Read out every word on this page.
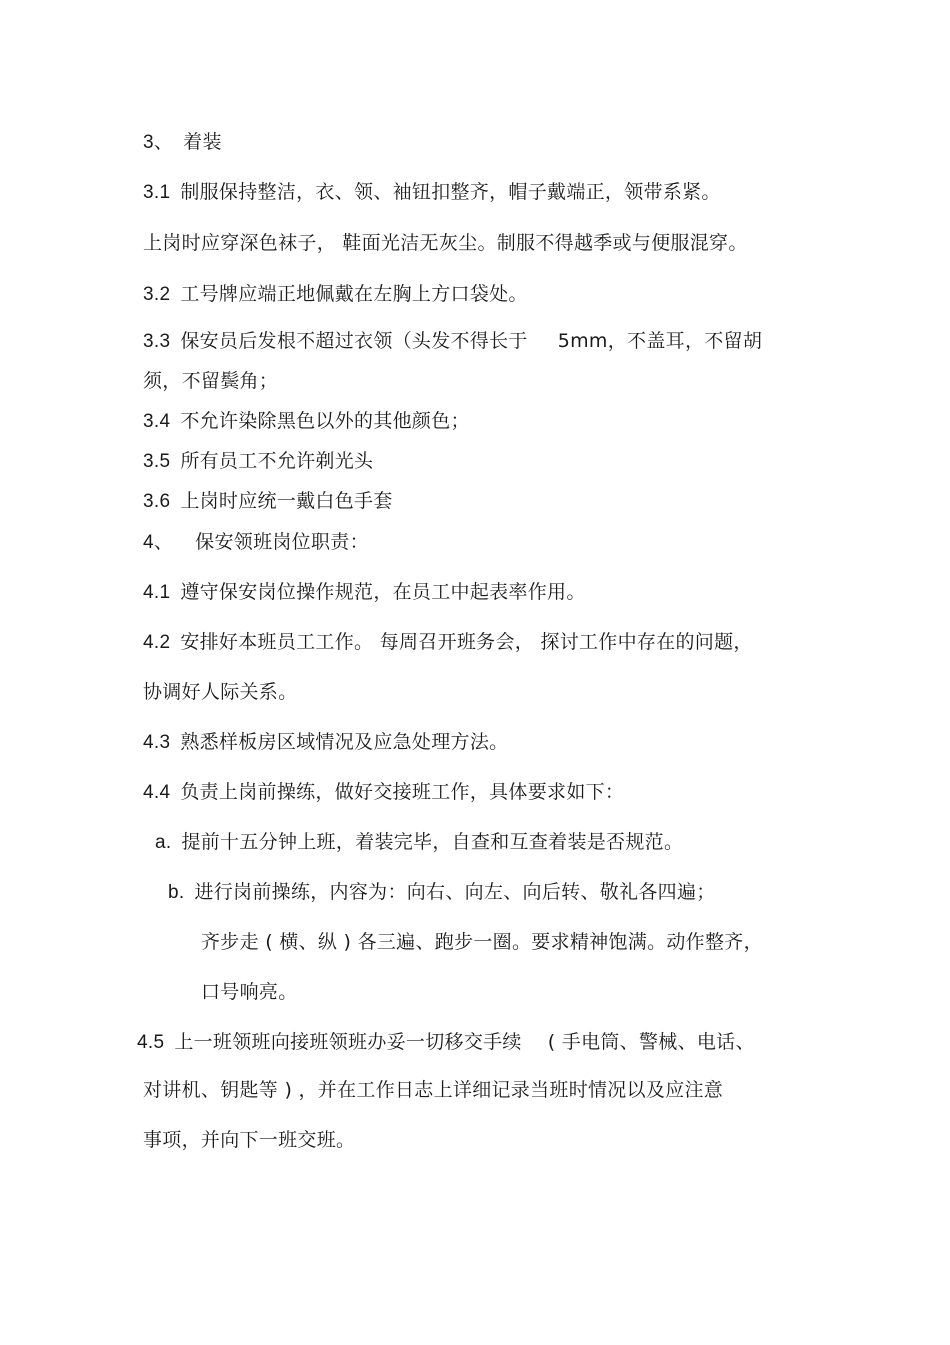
3、 着装
3.1 制服保持整洁，衣、领、袖钮扣整齐，帽子戴端正，领带系紧。
上岗时应穿深色袜子， 鞋面光洁无灰尘。制服不得越季或与便服混穿。
3.2 工号牌应端正地佩戴在左胸上方口袋处。
3.3 保安员后发根不超过衣领（头发不得长于 5mm，不盖耳，不留胡
须，不留鬓角；
3.4 不允许染除黑色以外的其他颜色；
3.5 所有员工不允许剃光头
3.6 上岗时应统一戴白色手套
4、 保安领班岗位职责：
4.1 遵守保安岗位操作规范，在员工中起表率作用。
4.2 安排好本班员工工作。 每周召开班务会， 探讨工作中存在的问题，
协调好人际关系。
4.3 熟悉样板房区域情况及应急处理方法。
4.4 负责上岗前操练，做好交接班工作，具体要求如下：
a. 提前十五分钟上班，着装完毕，自查和互查着装是否规范。
b. 进行岗前操练，内容为：向右、向左、向后转、敬礼各四遍；
齐步走 ( 横、纵 ) 各三遍、跑步一圈。要求精神饱满。动作整齐，
口号响亮。
4.5 上一班领班向接班领班办妥一切移交手续 ( 手电筒、警械、电话、
对讲机、钥匙等 ) ，并在工作日志上详细记录当班时情况以及应注意
事项，并向下一班交班。
